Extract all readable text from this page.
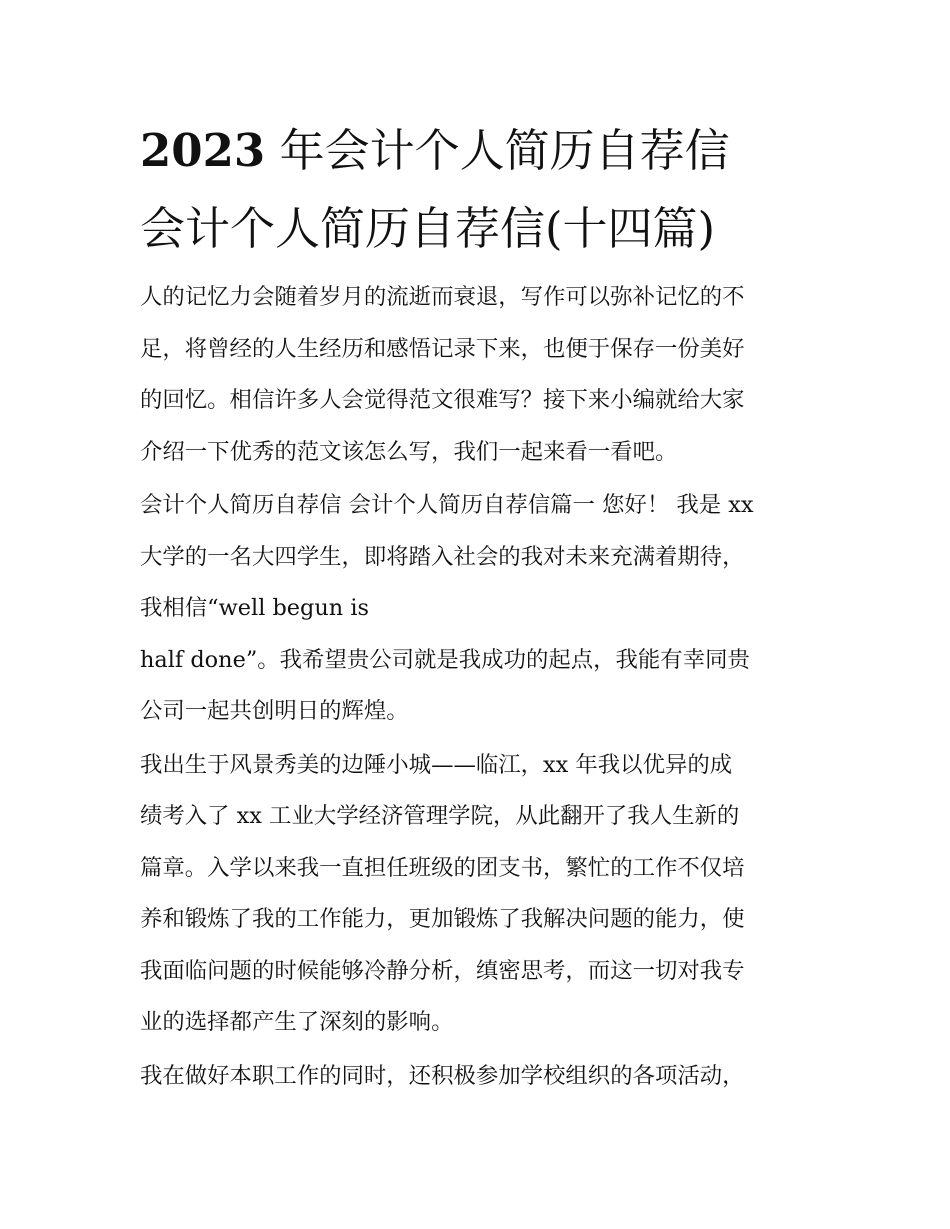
2023 年会计个人简历自荐信
会计个人简历自荐信(十四篇)

人的记忆力会随着岁月的流逝而衰退，写作可以弥补记忆的不
足，将曾经的人生经历和感悟记录下来，也便于保存一份美好
的回忆。相信许多人会觉得范文很难写？接下来小编就给大家
介绍一下优秀的范文该怎么写，我们一起来看一看吧。

会计个人简历自荐信 会计个人简历自荐信篇一 您好！ 我是 xx
大学的一名大四学生，即将踏入社会的我对未来充满着期待，
我相信“well begun is
half done”。我希望贵公司就是我成功的起点，我能有幸同贵
公司一起共创明日的辉煌。

我出生于风景秀美的边陲小城——临江，xx 年我以优异的成
绩考入了 xx 工业大学经济管理学院，从此翻开了我人生新的
篇章。入学以来我一直担任班级的团支书，繁忙的工作不仅培
养和锻炼了我的工作能力，更加锻炼了我解决问题的能力，使
我面临问题的时候能够冷静分析，缜密思考，而这一切对我专
业的选择都产生了深刻的影响。

我在做好本职工作的同时，还积极参加学校组织的各项活动，
